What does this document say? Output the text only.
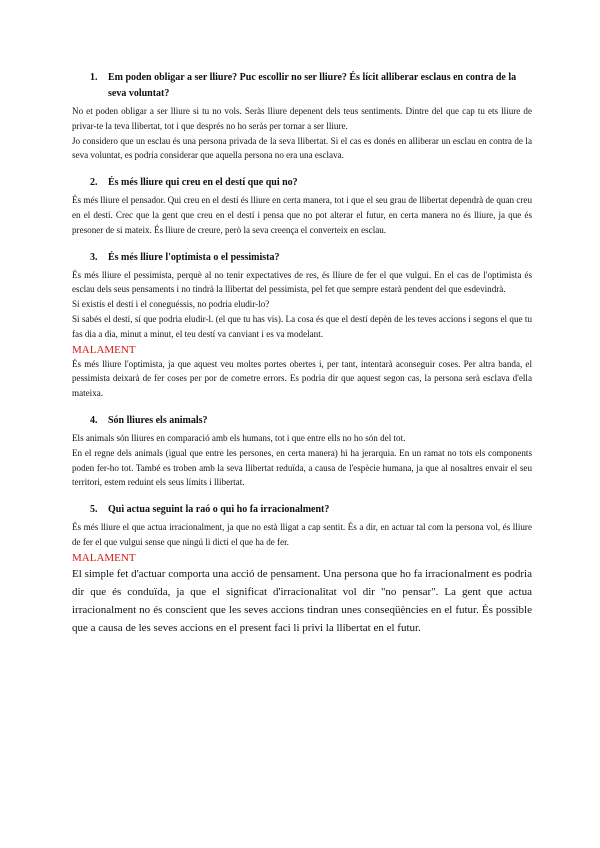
1.	Em poden obligar a ser lliure? Puc escollir no ser lliure? És lícit alliberar esclaus en contra de la seva voluntat?

No et poden obligar a ser lliure si tu no vols. Seràs lliure depenent dels teus sentiments. Dintre del que cap tu ets lliure de privar-te la teva llibertat, tot i que després no ho seràs per tornar a ser lliure.

Jo considero que un esclau és una persona privada de la seva llibertat. Si el cas es donés en alliberar un esclau en contra de la seva voluntat, es podria considerar que aquella persona no era una esclava.

2.	És més lliure qui creu en el destí que qui no?

És més lliure el pensador. Qui creu en el destí és lliure en certa manera, tot i que el seu grau de llibertat dependrà de quan creu en el destí. Crec que la gent que creu en el destí i pensa que no pot alterar el futur, en certa manera no és lliure, ja que és presoner de si mateix. És lliure de creure, però la seva creença el converteix en esclau.

3.	És més lliure l'optimista o el pessimista?

És més lliure el pessimista, perquè al no tenir expectatives de res, és lliure de fer el que vulgui. En el cas de l'optimista és esclau dels seus pensaments i no tindrà la llibertat del pessimista, pel fet que sempre estarà pendent del que esdevindrà.

Si existís el destí i el coneguéssis, no podria eludir-lo?

Si sabés el destí, sí que podria eludir-l. (el que tu has vis). La cosa és que el destí depèn de les teves accions i segons el que tu fas dia a dia, minut a minut, el teu destí va canviant i es va modelant.

MALAMENT

És més lliure l'optimista, ja que aquest veu moltes portes obertes i, per tant, intentarà aconseguir coses. Per altra banda, el pessimista deixarà de fer coses per por de cometre errors. Es podria dir que aquest segon cas, la persona serà esclava d'ella mateixa.

4.	Són lliures els animals?

Els animals són lliures en comparació amb els humans, tot i que entre ells no ho són del tot.

En el regne dels animals (igual que entre les persones, en certa manera) hi ha jerarquia. En un ramat no tots els components poden fer-ho tot. També es troben amb la seva llibertat reduïda, a causa de l'espècie humana, ja que al nosaltres envair el seu territori, estem reduint els seus límits i llibertat.

5.	Qui actua seguint la raó o qui ho fa irracionalment?

És més lliure el que actua irracionalment, ja que no està lligat a cap sentit. És a dir, en actuar tal com la persona vol, és lliure de fer el que vulgui sense que ningú li dicti el que ha de fer.

MALAMENT

El simple fet d'actuar comporta una acció de pensament. Una persona que ho fa irracionalment es podria dir que és conduïda, ja que el significat d'irracionalitat vol dir "no pensar". La gent que actua irracionalment no és conscient que les seves accions tindran unes conseqüències en el futur. És possible que a causa de les seves accions en el present faci li privi la llibertat en el futur.
